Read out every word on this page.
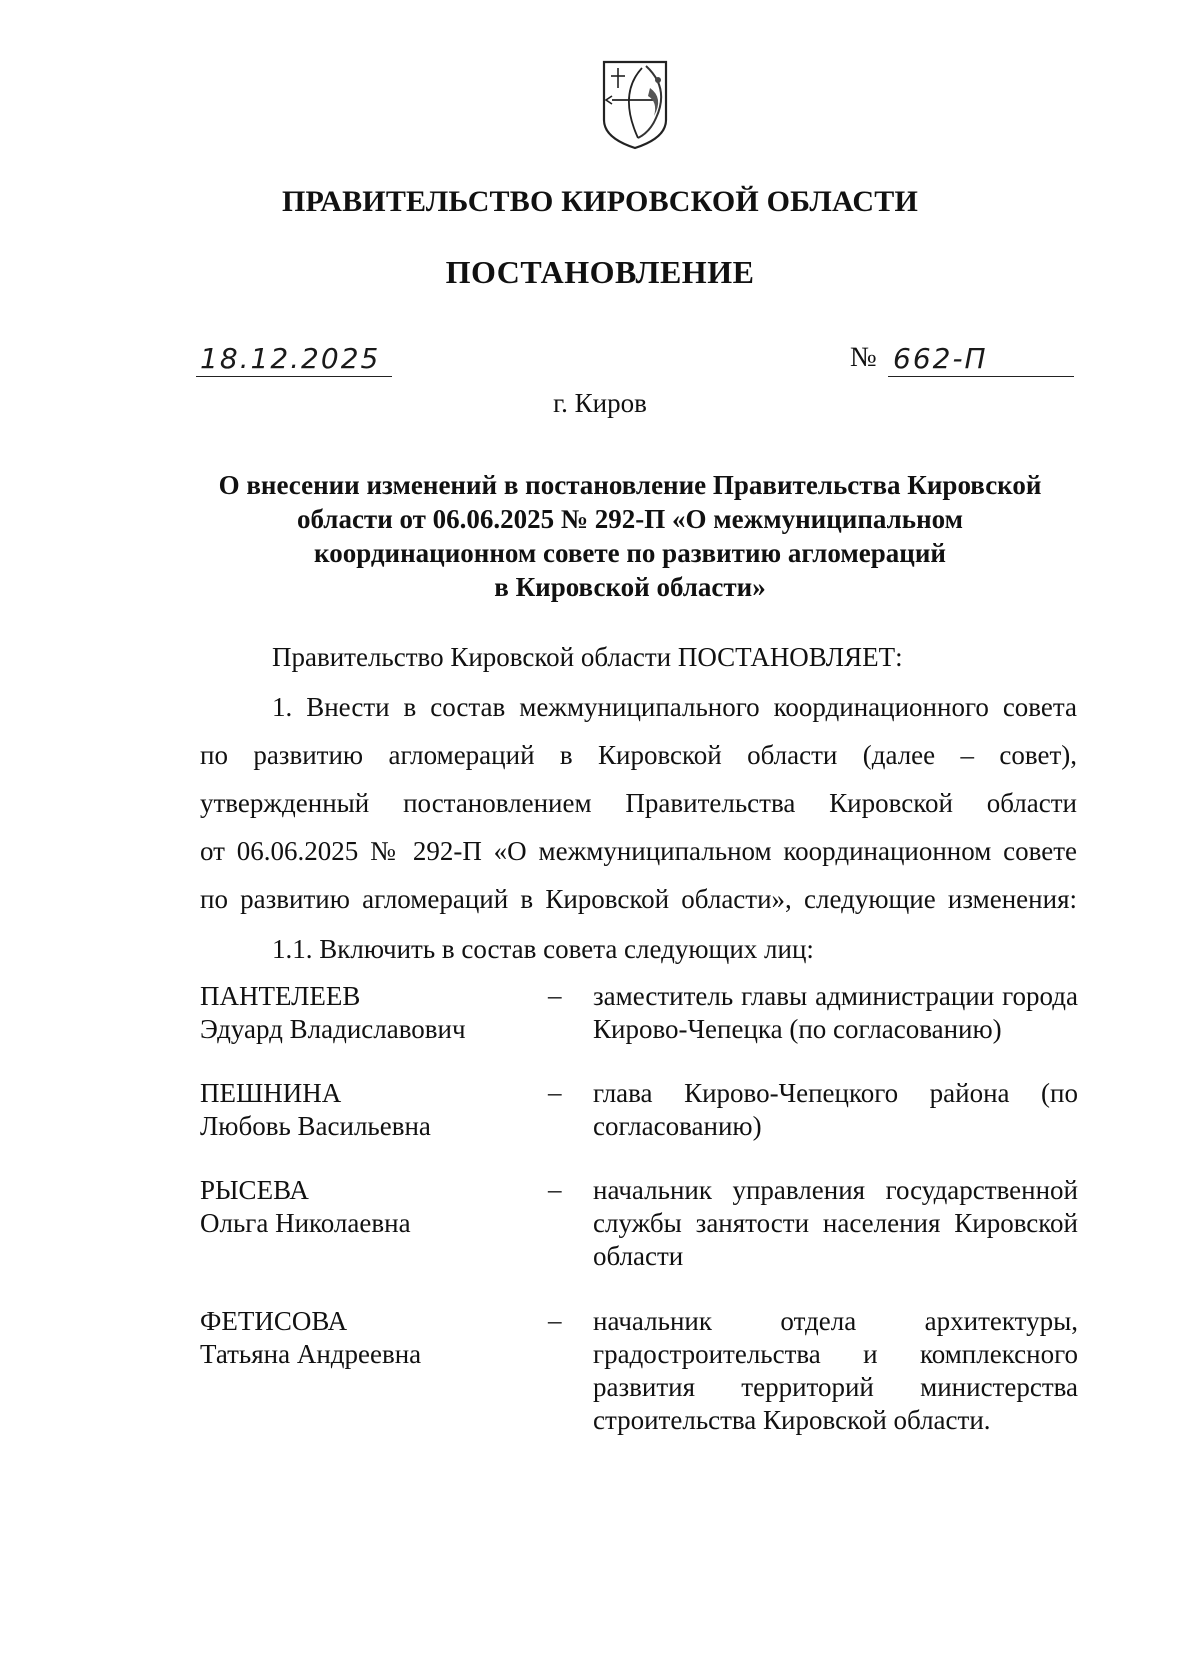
ПРАВИТЕЛЬСТВО КИРОВСКОЙ ОБЛАСТИ
ПОСТАНОВЛЕНИЕ
18.12.2025	№ 662-П
г. Киров
О внесении изменений в постановление Правительства Кировской
области от 06.06.2025 № 292-П «О межмуниципальном
координационном совете по развитию агломераций
в Кировской области»
Правительство Кировской области ПОСТАНОВЛЯЕТ:
1. Внести в состав межмуниципального координационного совета
по развитию агломераций в Кировской области (далее – совет),
утвержденный постановлением Правительства Кировской области
от 06.06.2025 № 292-П «О межмуниципальном координационном совете
по развитию агломераций в Кировской области», следующие изменения:
1.1. Включить в состав совета следующих лиц:
ПАНТЕЛЕЕВ
Эдуард Владиславович
– заместитель главы администрации города
Кирово-Чепецка (по согласованию)
ПЕШНИНА
Любовь Васильевна
– глава Кирово-Чепецкого района (по
согласованию)
РЫСЕВА
Ольга Николаевна
– начальник управления государственной
службы занятости населения Кировской
области
ФЕТИСОВА
Татьяна Андреевна
– начальник отдела архитектуры,
градостроительства и комплексного
развития территорий министерства
строительства Кировской области.
